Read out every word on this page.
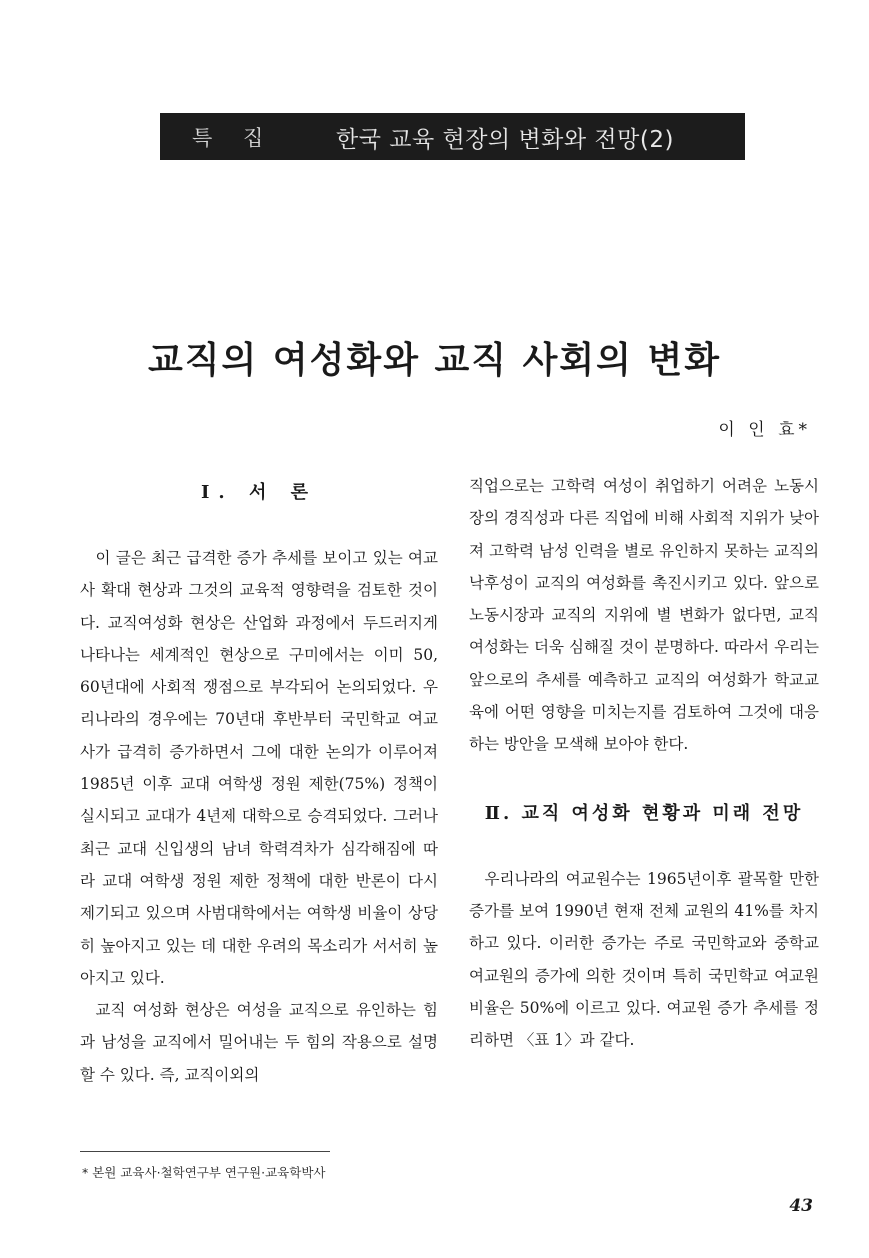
특 집	한국 교육 현장의 변화와 전망(2)
교직의 여성화와 교직 사회의 변화
이 인 효*
Ⅰ. 서 론

이 글은 최근 급격한 증가 추세를 보이고 있는 여교사 확대 현상과 그것의 교육적 영향력을 검토한 것이다. 교직여성화 현상은 산업화 과정에서 두드러지게 나타나는 세계적인 현상으로 구미에서는 이미 50, 60년대에 사회적 쟁점으로 부각되어 논의되었다. 우리나라의 경우에는 70년대 후반부터 국민학교 여교사가 급격히 증가하면서 그에 대한 논의가 이루어져 1985년 이후 교대 여학생 정원 제한(75%) 정책이 실시되고 교대가 4년제 대학으로 승격되었다. 그러나 최근 교대 신입생의 남녀 학력격차가 심각해짐에 따라 교대 여학생 정원 제한 정책에 대한 반론이 다시 제기되고 있으며 사범대학에서는 여학생 비율이 상당히 높아지고 있는 데 대한 우려의 목소리가 서서히 높아지고 있다.

교직 여성화 현상은 여성을 교직으로 유인하는 힘과 남성을 교직에서 밀어내는 두 힘의 작용으로 설명할 수 있다. 즉, 교직이외의

직업으로는 고학력 여성이 취업하기 어려운 노동시장의 경직성과 다른 직업에 비해 사회적 지위가 낮아져 고학력 남성 인력을 별로 유인하지 못하는 교직의 낙후성이 교직의 여성화를 촉진시키고 있다. 앞으로 노동시장과 교직의 지위에 별 변화가 없다면, 교직 여성화는 더욱 심해질 것이 분명하다. 따라서 우리는 앞으로의 추세를 예측하고 교직의 여성화가 학교교육에 어떤 영향을 미치는지를 검토하여 그것에 대응하는 방안을 모색해 보아야 한다.

Ⅱ. 교직 여성화 현황과 미래 전망

우리나라의 여교원수는 1965년이후 괄목할 만한 증가를 보여 1990년 현재 전체 교원의 41%를 차지하고 있다. 이러한 증가는 주로 국민학교와 중학교 여교원의 증가에 의한 것이며 특히 국민학교 여교원 비율은 50%에 이르고 있다. 여교원 증가 추세를 정리하면 〈표 1〉과 같다.

* 본원 교육사·철학연구부 연구원·교육학박사
43
